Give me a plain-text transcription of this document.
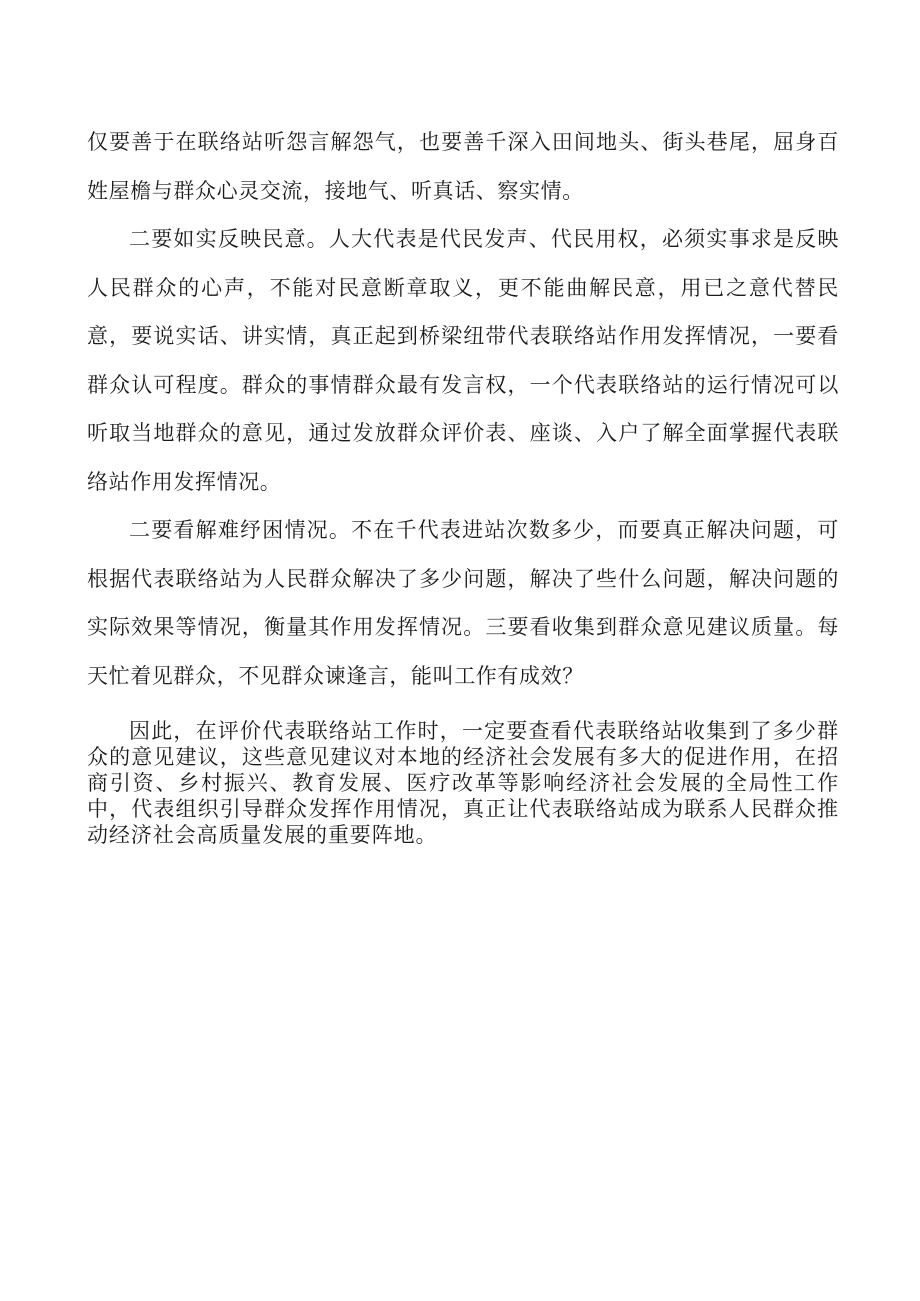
仅要善于在联络站听怨言解怨气，也要善千深入田间地头、街头巷尾，屈身百姓屋檐与群众心灵交流，接地气、听真话、察实情。

二要如实反映民意。人大代表是代民发声、代民用权，必须实事求是反映人民群众的心声，不能对民意断章取义，更不能曲解民意，用已之意代替民意，要说实话、讲实情，真正起到桥梁纽带代表联络站作用发挥情况，一要看群众认可程度。群众的事情群众最有发言权，一个代表联络站的运行情况可以听取当地群众的意见，通过发放群众评价表、座谈、入户了解全面掌握代表联络站作用发挥情况。

二要看解难纾困情况。不在千代表进站次数多少，而要真正解决问题，可根据代表联络站为人民群众解决了多少问题，解决了些什么问题，解决问题的实际效果等情况，衡量其作用发挥情况。三要看收集到群众意见建议质量。每天忙着见群众，不见群众谏逢言，能叫工作有成效？

因此，在评价代表联络站工作时，一定要查看代表联络站收集到了多少群众的意见建议，这些意见建议对本地的经济社会发展有多大的促进作用，在招商引资、乡村振兴、教育发展、医疗改革等影响经济社会发展的全局性工作中，代表组织引导群众发挥作用情况，真正让代表联络站成为联系人民群众推动经济社会高质量发展的重要阵地。
